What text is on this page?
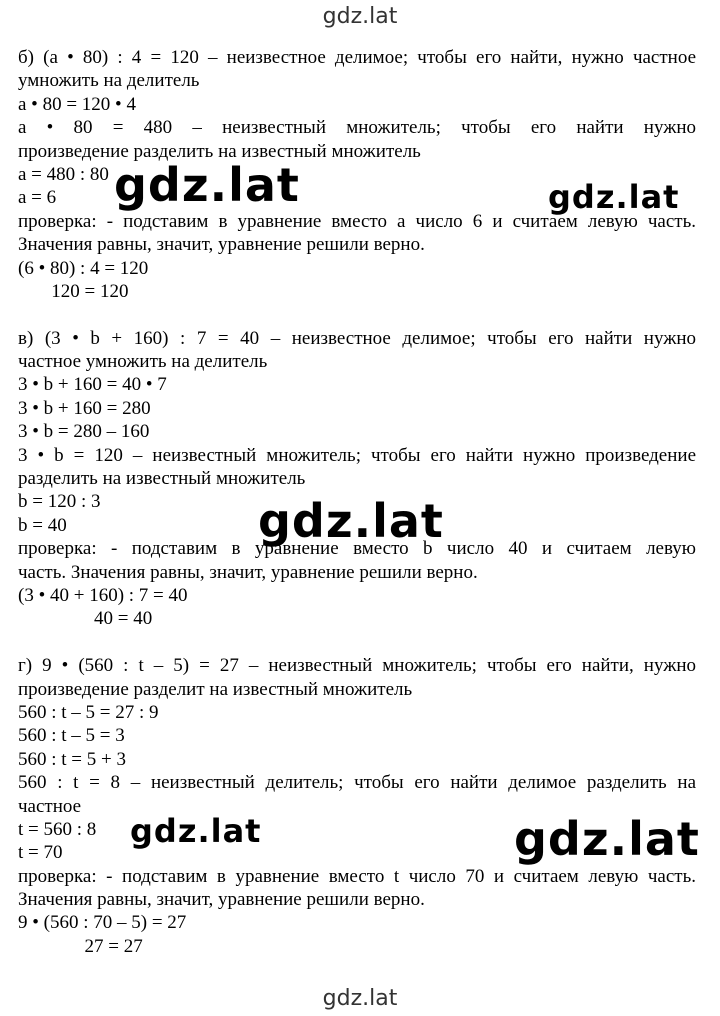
gdz.lat
б) (a • 80) : 4 = 120 – неизвестное делимое; чтобы его найти, нужно частное
умножить на делитель
a • 80 = 120 • 4
a • 80 = 480 – неизвестный множитель; чтобы его найти нужно
произведение разделить на известный множитель
a = 480 : 80
a = 6
проверка: - подставим в уравнение вместо a число 6 и считаем левую часть.
Значения равны, значит, уравнение решили верно.
(6 • 80) : 4 = 120
120 = 120
в) (3 • b + 160) : 7 = 40 – неизвестное делимое; чтобы его найти нужно
частное умножить на делитель
3 • b + 160 = 40 • 7
3 • b + 160 = 280
3 • b = 280 – 160
3 • b = 120 – неизвестный множитель; чтобы его найти нужно произведение
разделить на известный множитель
b = 120 : 3
b = 40
проверка: - подставим в уравнение вместо b число 40 и считаем левую
часть. Значения равны, значит, уравнение решили верно.
(3 • 40 + 160) : 7 = 40
40 = 40
г) 9 • (560 : t – 5) = 27 – неизвестный множитель; чтобы его найти, нужно
произведение разделит на известный множитель
560 : t – 5 = 27 : 9
560 : t – 5 = 3
560 : t = 5 + 3
560 : t = 8 – неизвестный делитель; чтобы его найти делимое разделить на
частное
t = 560 : 8
t = 70
проверка: - подставим в уравнение вместо t число 70 и считаем левую часть.
Значения равны, значит, уравнение решили верно.
9 • (560 : 70 – 5) = 27
27 = 27
gdz.lat	gdz.lat
gdz.lat
gdz.lat	gdz.lat
gdz.lat
